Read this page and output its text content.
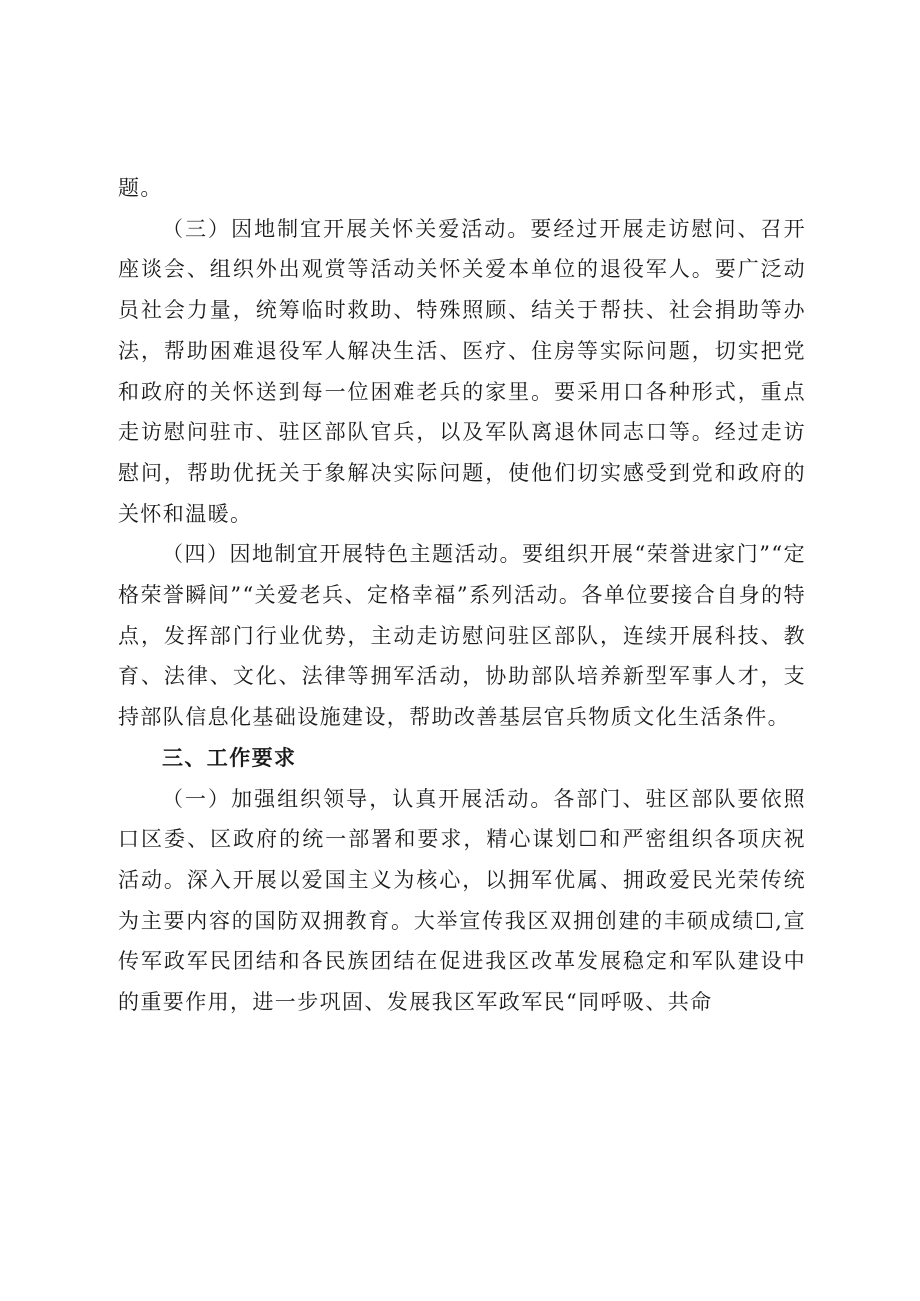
题。

（三）因地制宜开展关怀关爱活动。要经过开展走访慰问、召开座谈会、组织外出观赏等活动关怀关爱本单位的退役军人。要广泛动员社会力量，统筹临时救助、特殊照顾、结关于帮扶、社会捐助等办法，帮助困难退役军人解决生活、医疗、住房等实际问题，切实把党和政府的关怀送到每一位困难老兵的家里。要采用口各种形式，重点走访慰问驻市、驻区部队官兵，以及军队离退休同志口等。经过走访慰问，帮助优抚关于象解决实际问题，使他们切实感受到党和政府的关怀和温暖。

（四）因地制宜开展特色主题活动。要组织开展“荣誉进家门”“定格荣誉瞬间”“关爱老兵、定格幸福”系列活动。各单位要接合自身的特点，发挥部门行业优势，主动走访慰问驻区部队，连续开展科技、教育、法律、文化、法律等拥军活动，协助部队培养新型军事人才，支持部队信息化基础设施建设，帮助改善基层官兵物质文化生活条件。

三、工作要求

（一）加强组织领导，认真开展活动。各部门、驻区部队要依照口区委、区政府的统一部署和要求，精心谋划☐和严密组织各项庆祝活动。深入开展以爱国主义为核心，以拥军优属、拥政爱民光荣传统为主要内容的国防双拥教育。大举宣传我区双拥创建的丰硕成绩☐,宣传军政军民团结和各民族团结在促进我区改革发展稳定和军队建设中的重要作用，进一步巩固、发展我区军政军民“同呼吸、共命
